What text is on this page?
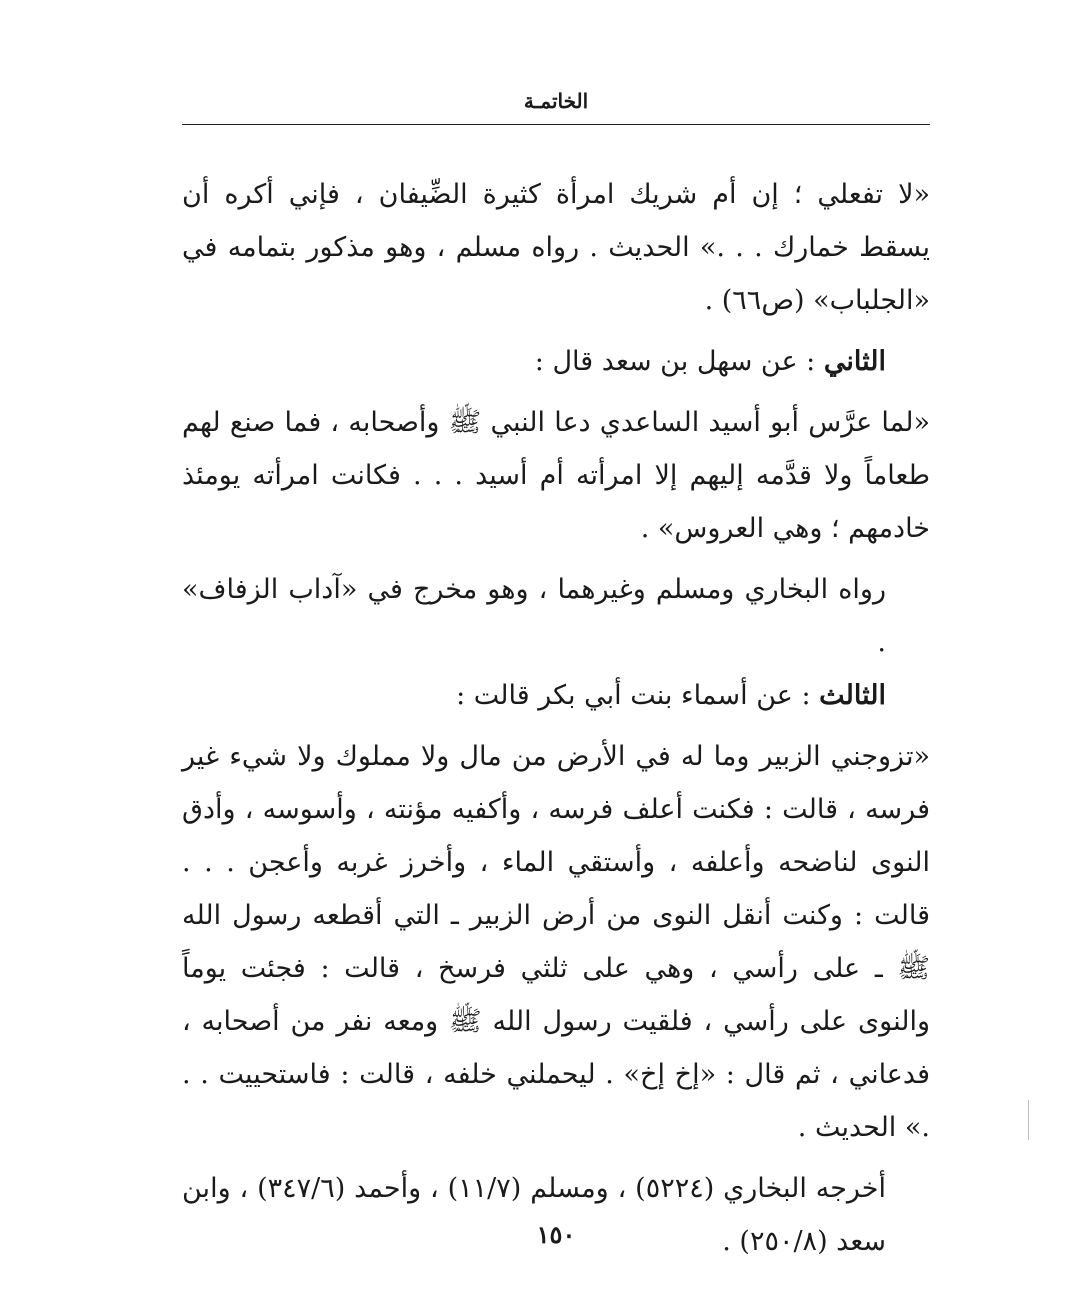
الخاتمـة

«لا تفعلي ؛ إن أم شريك امرأة كثيرة الضِّيفان ، فإني أكره أن يسقط خمارك . . .» الحديث . رواه مسلم ، وهو مذكور بتمامه في «الجلباب» (ص٦٦) .

الثاني : عن سهل بن سعد قال :

«لما عرَّس أبو أسيد الساعدي دعا النبي ﷺ وأصحابه ، فما صنع لهم طعاماً ولا قدَّمه إليهم إلا امرأته أم أسيد . . . فكانت امرأته يومئذ خادمهم ؛ وهي العروس» .

رواه البخاري ومسلم وغيرهما ، وهو مخرج في «آداب الزفاف» .

الثالث : عن أسماء بنت أبي بكر قالت :

«تزوجني الزبير وما له في الأرض من مال ولا مملوك ولا شيء غير فرسه ، قالت : فكنت أعلف فرسه ، وأكفيه مؤنته ، وأسوسه ، وأدق النوى لناضحه وأعلفه ، وأستقي الماء ، وأخرز غربه وأعجن . . . قالت : وكنت أنقل النوى من أرض الزبير ـ التي أقطعه رسول الله ﷺ ـ على رأسي ، وهي على ثلثي فرسخ ، قالت : فجئت يوماً والنوى على رأسي ، فلقيت رسول الله ﷺ ومعه نفر من أصحابه ، فدعاني ، ثم قال : «إخ إخ» . ليحملني خلفه ، قالت : فاستحييت . . .» الحديث .

أخرجه البخاري (٥٢٢٤) ، ومسلم (١١/٧) ، وأحمد (٣٤٧/٦) ، وابن سعد (٢٥٠/٨) .

١٥٠
